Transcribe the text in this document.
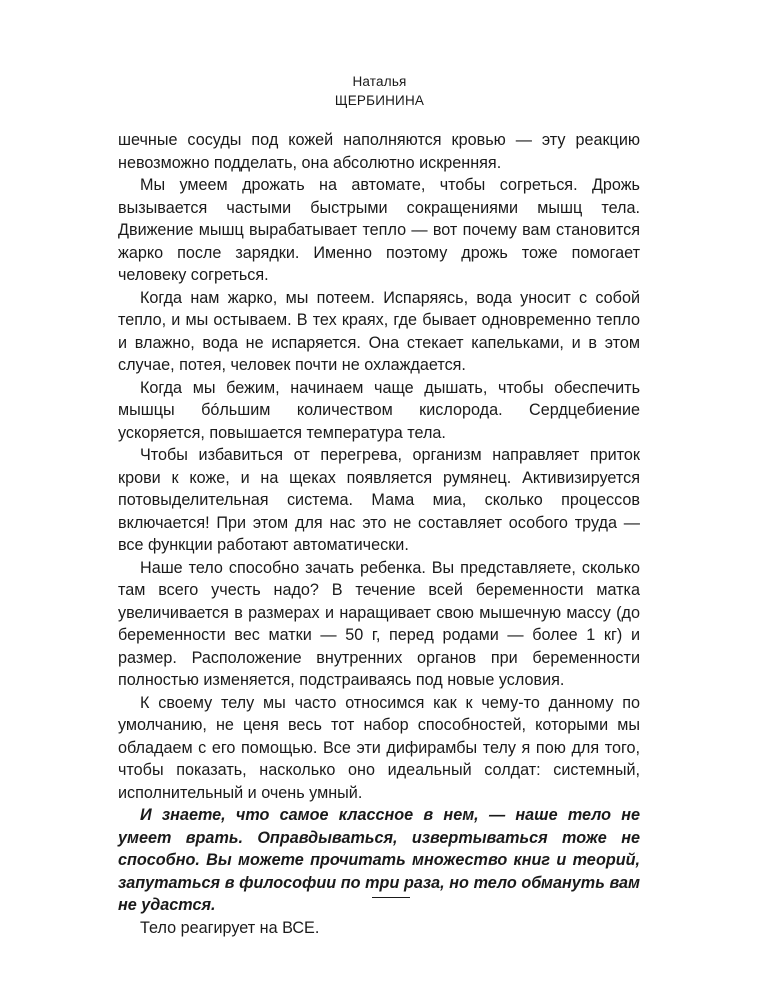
Наталья
ЩЕРБИНИНА

шечные сосуды под кожей наполняются кровью — эту реакцию невозможно подделать, она абсолютно искренняя.

Мы умеем дрожать на автомате, чтобы согреться. Дрожь вызывается частыми быстрыми сокращениями мышц тела. Движение мышц вырабатывает тепло — вот почему вам становится жарко после зарядки. Именно поэтому дрожь тоже помогает человеку согреться.

Когда нам жарко, мы потеем. Испаряясь, вода уносит с собой тепло, и мы остываем. В тех краях, где бывает одновременно тепло и влажно, вода не испаряется. Она стекает капельками, и в этом случае, потея, человек почти не охлаждается.

Когда мы бежим, начинаем чаще дышать, чтобы обеспечить мышцы бóльшим количеством кислорода. Сердцебиение ускоряется, повышается температура тела.

Чтобы избавиться от перегрева, организм направляет приток крови к коже, и на щеках появляется румянец. Активизируется потовыделительная система. Мама миа, сколько процессов включается! При этом для нас это не составляет особого труда — все функции работают автоматически.

Наше тело способно зачать ребенка. Вы представляете, сколько там всего учесть надо? В течение всей беременности матка увеличивается в размерах и наращивает свою мышечную массу (до беременности вес матки — 50 г, перед родами — более 1 кг) и размер. Расположение внутренних органов при беременности полностью изменяется, подстраиваясь под новые условия.

К своему телу мы часто относимся как к чему-то данному по умолчанию, не ценя весь тот набор способностей, которыми мы обладаем с его помощью. Все эти дифирамбы телу я пою для того, чтобы показать, насколько оно идеальный солдат: системный, исполнительный и очень умный.

И знаете, что самое классное в нем, — наше тело не умеет врать. Оправдываться, извертываться тоже не способно. Вы можете прочитать множество книг и теорий, запутаться в философии по три раза, но тело обмануть вам не удастся.

Тело реагирует на ВСЕ.
